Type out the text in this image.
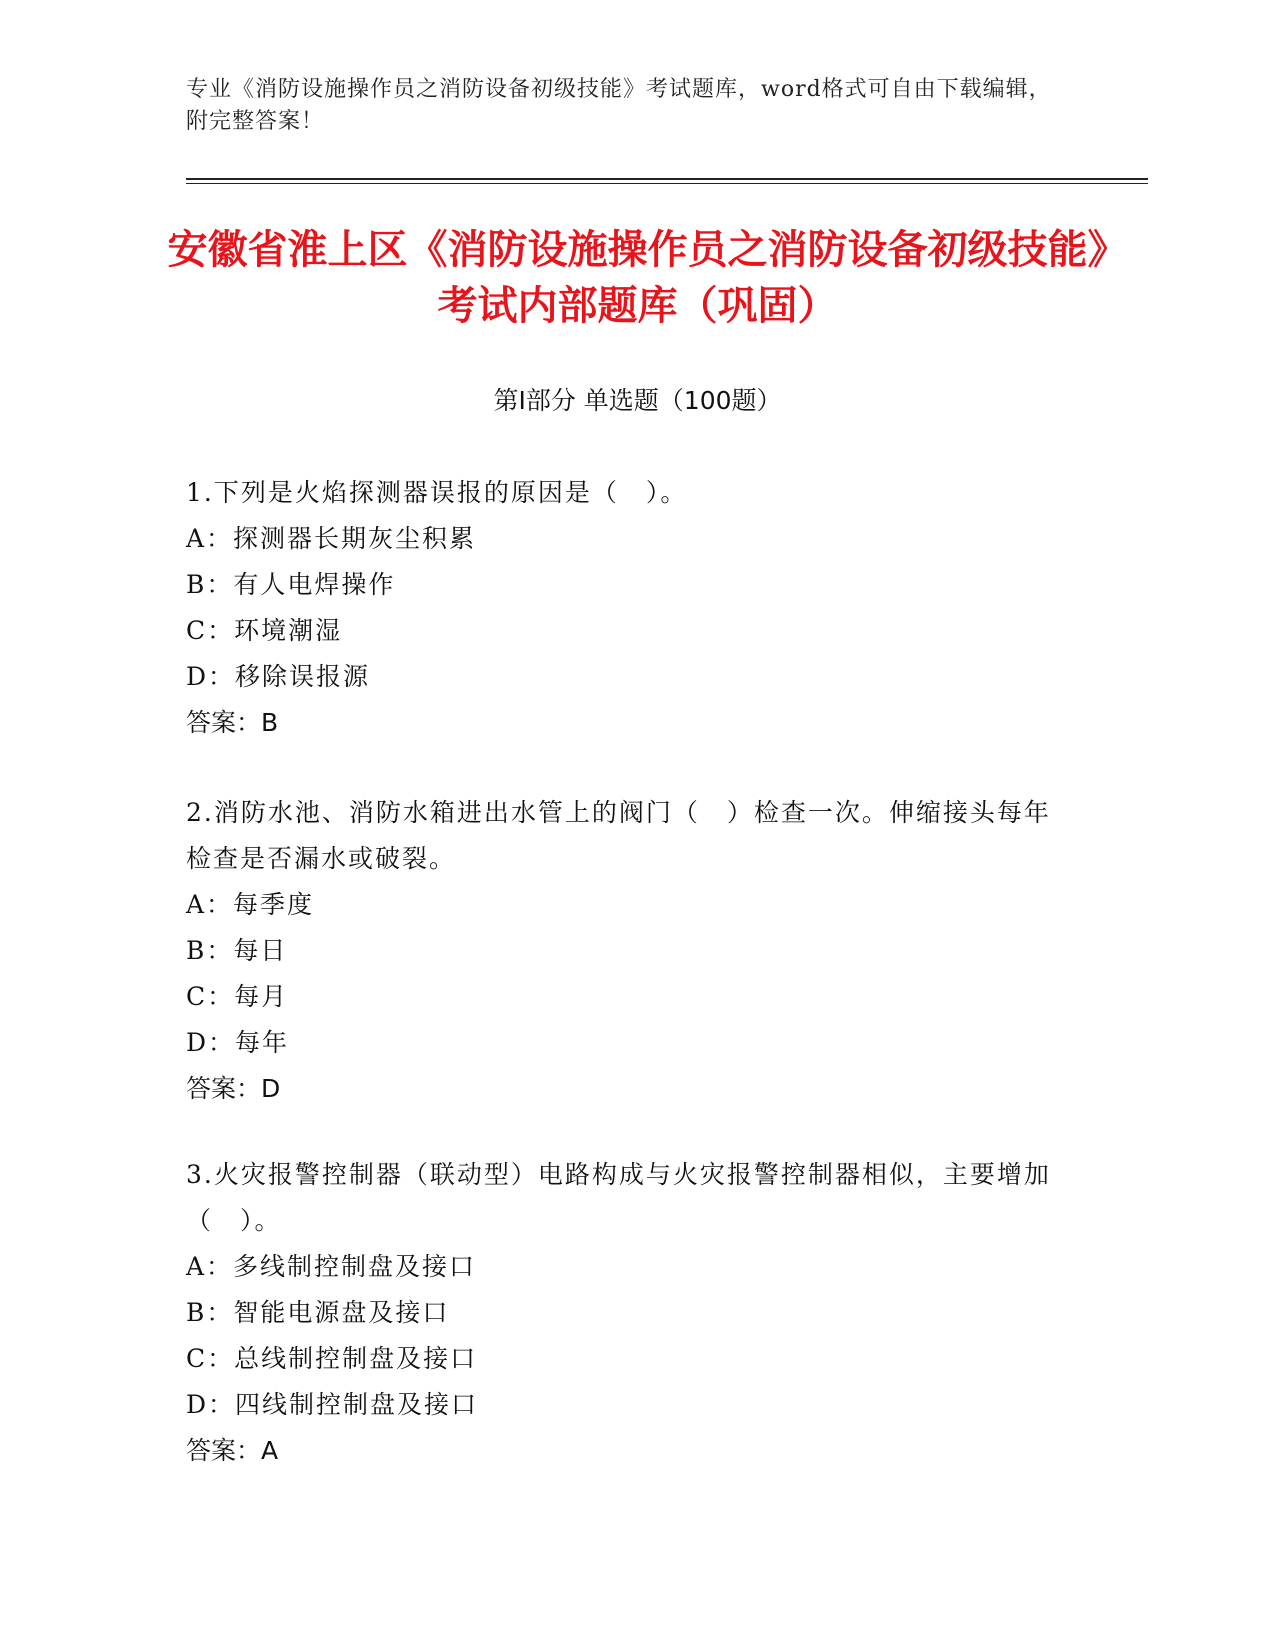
专业《消防设施操作员之消防设备初级技能》考试题库，word格式可自由下载编辑，附完整答案！
安徽省淮上区《消防设施操作员之消防设备初级技能》考试内部题库（巩固）
第I部分 单选题（100题）

1.下列是火焰探测器误报的原因是（　）。

A：探测器长期灰尘积累

B：有人电焊操作

C：环境潮湿

D：移除误报源

答案：B

2.消防水池、消防水箱进出水管上的阀门（　）检查一次。伸缩接头每年检查是否漏水或破裂。

A：每季度

B：每日

C：每月

D：每年

答案：D

3.火灾报警控制器（联动型）电路构成与火灾报警控制器相似，主要增加（　）。

A：多线制控制盘及接口

B：智能电源盘及接口

C：总线制控制盘及接口

D：四线制控制盘及接口

答案：A
